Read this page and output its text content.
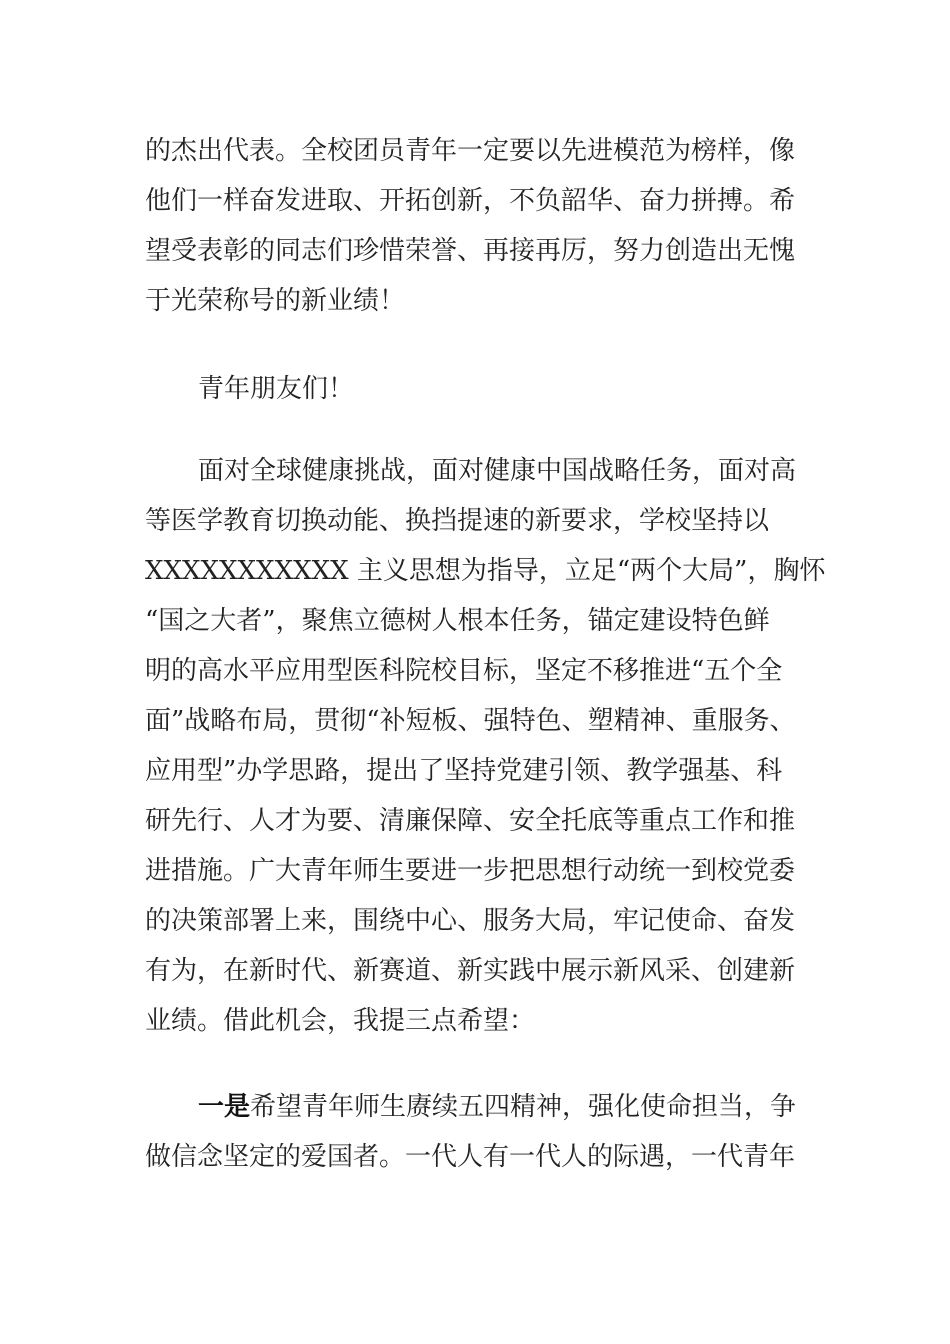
的杰出代表。全校团员青年一定要以先进模范为榜样，像
他们一样奋发进取、开拓创新，不负韶华、奋力拼搏。希
望受表彰的同志们珍惜荣誉、再接再厉，努力创造出无愧
于光荣称号的新业绩！
青年朋友们！
面对全球健康挑战，面对健康中国战略任务，面对高
等医学教育切换动能、换挡提速的新要求，学校坚持以
XXXXXXXXXXX 主义思想为指导，立足“两个大局”，胸怀
“国之大者”，聚焦立德树人根本任务，锚定建设特色鲜
明的高水平应用型医科院校目标，坚定不移推进“五个全
面”战略布局，贯彻“补短板、强特色、塑精神、重服务、
应用型”办学思路，提出了坚持党建引领、教学强基、科
研先行、人才为要、清廉保障、安全托底等重点工作和推
进措施。广大青年师生要进一步把思想行动统一到校党委
的决策部署上来，围绕中心、服务大局，牢记使命、奋发
有为，在新时代、新赛道、新实践中展示新风采、创建新
业绩。借此机会，我提三点希望：
一是希望青年师生赓续五四精神，强化使命担当，争
做信念坚定的爱国者。一代人有一代人的际遇，一代青年
